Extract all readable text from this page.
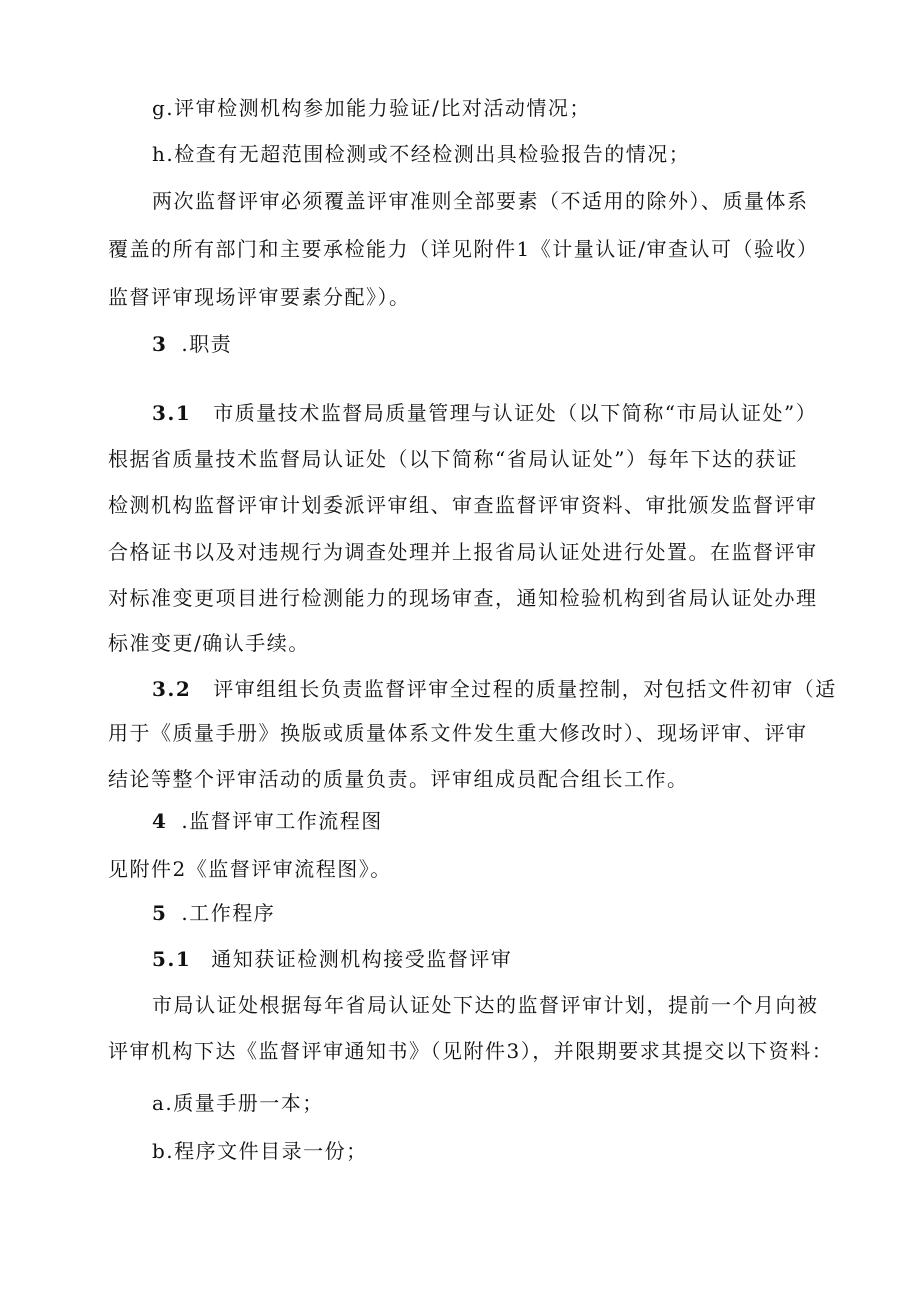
g.评审检测机构参加能力验证/比对活动情况；
h.检查有无超范围检测或不经检测出具检验报告的情况；
两次监督评审必须覆盖评审准则全部要素（不适用的除外）、质量体系
覆盖的所有部门和主要承检能力（详见附件1《计量认证/审查认可（验收）
监督评审现场评审要素分配》）。
3 .职责
3.1 市质量技术监督局质量管理与认证处（以下简称“市局认证处”）
根据省质量技术监督局认证处（以下简称“省局认证处”）每年下达的获证
检测机构监督评审计划委派评审组、审查监督评审资料、审批颁发监督评审
合格证书以及对违规行为调查处理并上报省局认证处进行处置。在监督评审
对标准变更项目进行检测能力的现场审查，通知检验机构到省局认证处办理
标准变更/确认手续。
3.2 评审组组长负责监督评审全过程的质量控制，对包括文件初审（适
用于《质量手册》换版或质量体系文件发生重大修改时）、现场评审、评审
结论等整个评审活动的质量负责。评审组成员配合组长工作。
4 .监督评审工作流程图
见附件2《监督评审流程图》。
5 .工作程序
5.1 通知获证检测机构接受监督评审
市局认证处根据每年省局认证处下达的监督评审计划，提前一个月向被
评审机构下达《监督评审通知书》（见附件3），并限期要求其提交以下资料：
a.质量手册一本；
b.程序文件目录一份；
